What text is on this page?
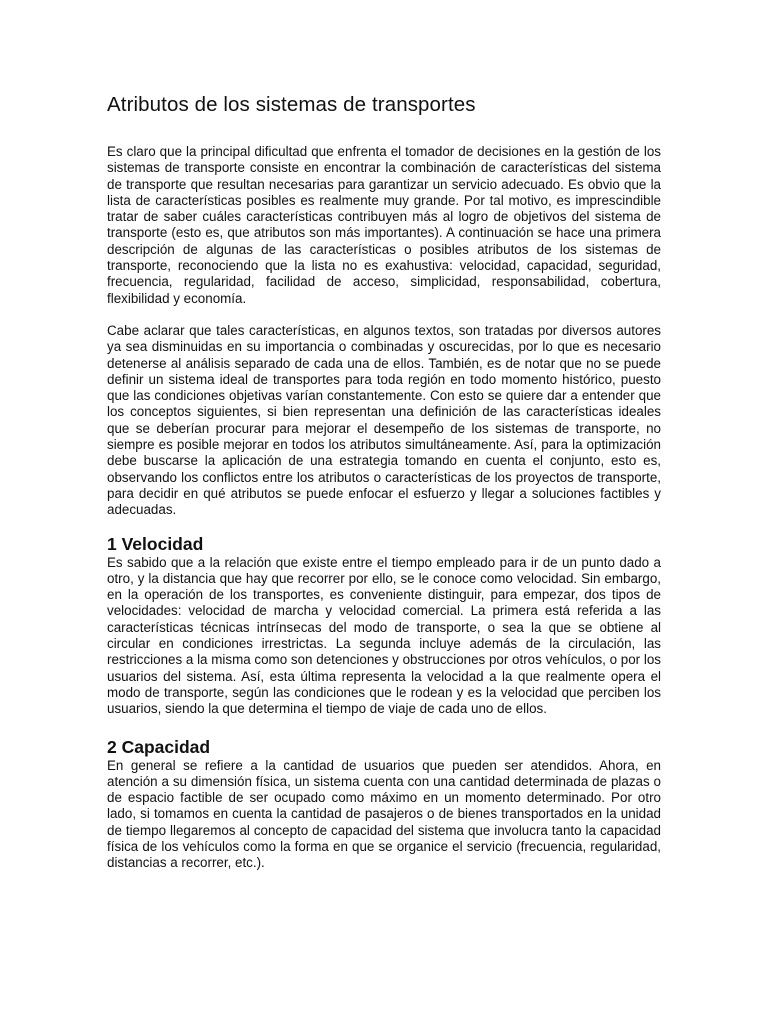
Atributos de los sistemas de transportes

Es claro que la principal dificultad que enfrenta el tomador de decisiones en la gestión de los sistemas de transporte consiste en encontrar la combinación de características del sistema de transporte que resultan necesarias para garantizar un servicio adecuado. Es obvio que la lista de características posibles es realmente muy grande. Por tal motivo, es imprescindible tratar de saber cuáles características contribuyen más al logro de objetivos del sistema de transporte (esto es, que atributos son más importantes). A continuación se hace una primera descripción de algunas de las características o posibles atributos de los sistemas de transporte, reconociendo que la lista no es exahustiva: velocidad, capacidad, seguridad, frecuencia, regularidad, facilidad de acceso, simplicidad, responsabilidad, cobertura, flexibilidad y economía.

Cabe aclarar que tales características, en algunos textos, son tratadas por diversos autores ya sea disminuidas en su importancia o combinadas y oscurecidas, por lo que es necesario detenerse al análisis separado de cada una de ellos. También, es de notar que no se puede definir un sistema ideal de transportes para toda región en todo momento histórico, puesto que las condiciones objetivas varían constantemente. Con esto se quiere dar a entender que los conceptos siguientes, si bien representan una definición de las características ideales que se deberían procurar para mejorar el desempeño de los sistemas de transporte, no siempre es posible mejorar en todos los atributos simultáneamente. Así, para la optimización debe buscarse la aplicación de una estrategia tomando en cuenta el conjunto, esto es, observando los conflictos entre los atributos o características de los proyectos de transporte, para decidir en qué atributos se puede enfocar el esfuerzo y llegar a soluciones factibles y adecuadas.

1 Velocidad

Es sabido que a la relación que existe entre el tiempo empleado para ir de un punto dado a otro, y la distancia que hay que recorrer por ello, se le conoce como velocidad. Sin embargo, en la operación de los transportes, es conveniente distinguir, para empezar, dos tipos de velocidades: velocidad de marcha y velocidad comercial. La primera está referida a las características técnicas intrínsecas del modo de transporte, o sea la que se obtiene al circular en condiciones irrestrictas. La segunda incluye además de la circulación, las restricciones a la misma como son detenciones y obstrucciones por otros vehículos, o por los usuarios del sistema. Así, esta última representa la velocidad a la que realmente opera el modo de transporte, según las condiciones que le rodean y es la velocidad que perciben los usuarios, siendo la que determina el tiempo de viaje de cada uno de ellos.

2 Capacidad

En general se refiere a la cantidad de usuarios que pueden ser atendidos. Ahora, en atención a su dimensión física, un sistema cuenta con una cantidad determinada de plazas o de espacio factible de ser ocupado como máximo en un momento determinado. Por otro lado, si tomamos en cuenta la cantidad de pasajeros o de bienes transportados en la unidad de tiempo llegaremos al concepto de capacidad del sistema que involucra tanto la capacidad física de los vehículos como la forma en que se organice el servicio (frecuencia, regularidad, distancias a recorrer, etc.).
